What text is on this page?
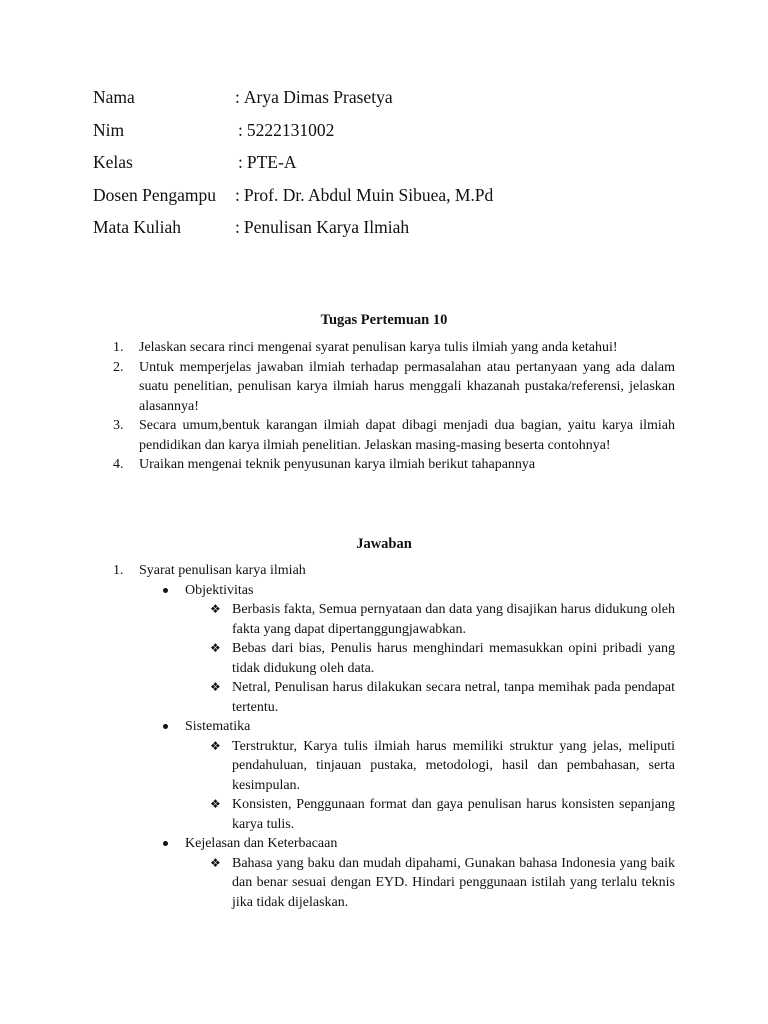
Nama	: Arya Dimas Prasetya
Nim	: 5222131002
Kelas	: PTE-A
Dosen Pengampu	: Prof. Dr. Abdul Muin Sibuea, M.Pd
Mata Kuliah	: Penulisan Karya Ilmiah
Tugas Pertemuan 10
1.	Jelaskan secara rinci mengenai syarat penulisan karya tulis ilmiah yang anda ketahui!
2.	Untuk memperjelas jawaban ilmiah terhadap permasalahan atau pertanyaan yang ada dalam suatu penelitian, penulisan karya ilmiah harus menggali khazanah pustaka/referensi, jelaskan alasannya!
3.	Secara umum,bentuk karangan ilmiah dapat dibagi menjadi dua bagian, yaitu karya ilmiah pendidikan dan karya ilmiah penelitian. Jelaskan masing-masing beserta contohnya!
4.	Uraikan mengenai teknik penyusunan karya ilmiah berikut tahapannya
Jawaban
1.	Syarat penulisan karya ilmiah
Objektivitas
❖ Berbasis fakta, Semua pernyataan dan data yang disajikan harus didukung oleh fakta yang dapat dipertanggungjawabkan.
❖ Bebas dari bias, Penulis harus menghindari memasukkan opini pribadi yang tidak didukung oleh data.
❖ Netral, Penulisan harus dilakukan secara netral, tanpa memihak pada pendapat tertentu.
Sistematika
❖ Terstruktur, Karya tulis ilmiah harus memiliki struktur yang jelas, meliputi pendahuluan, tinjauan pustaka, metodologi, hasil dan pembahasan, serta kesimpulan.
❖ Konsisten, Penggunaan format dan gaya penulisan harus konsisten sepanjang karya tulis.
Kejelasan dan Keterbacaan
❖ Bahasa yang baku dan mudah dipahami, Gunakan bahasa Indonesia yang baik dan benar sesuai dengan EYD. Hindari penggunaan istilah yang terlalu teknis jika tidak dijelaskan.
